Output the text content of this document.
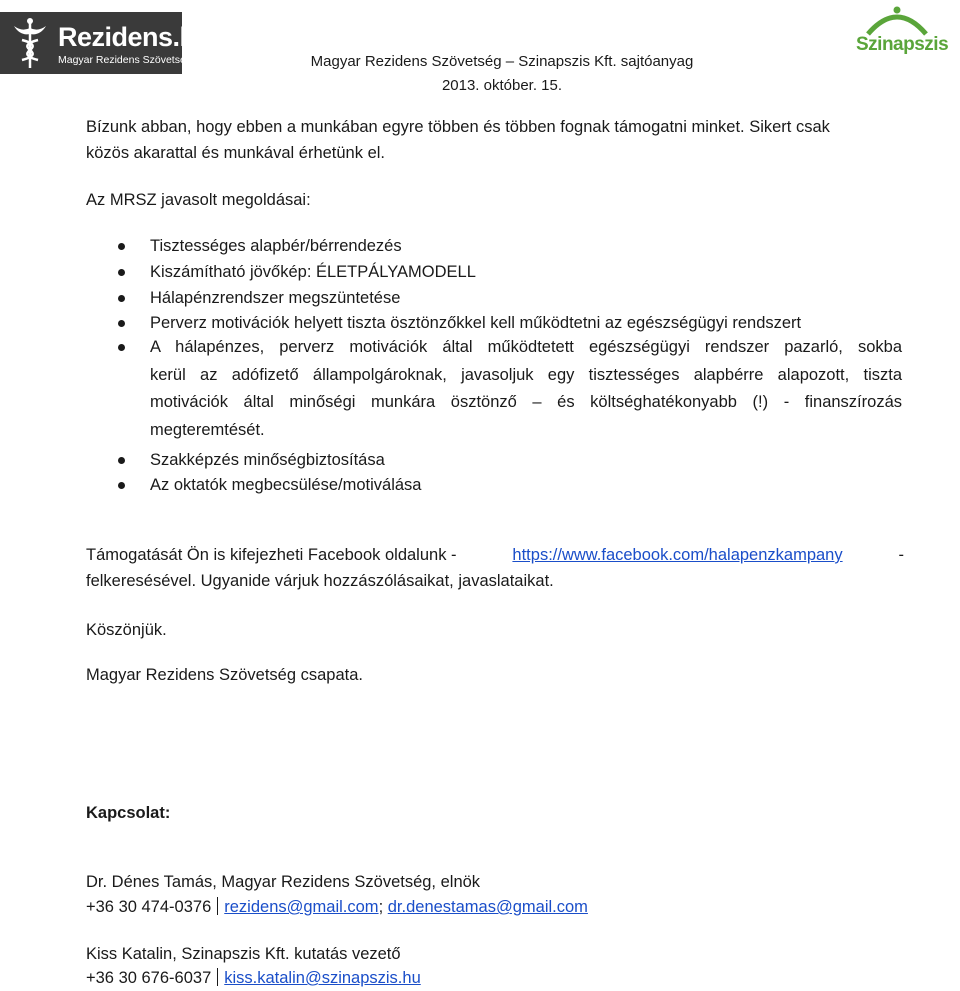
Rezidens.hu
Magyar Rezidens Szövetség
Szinapszis
Magyar Rezidens Szövetség – Szinapszis Kft. sajtóanyag
2013. október. 15.
Bízunk abban, hogy ebben a munkában egyre többen és többen fognak támogatni minket. Sikert csak
közös akarattal és munkával érhetünk el.
Az MRSZ javasolt megoldásai:
Tisztességes alapbér/bérrendezés
Kiszámítható jövőkép: ÉLETPÁLYAMODELL
Hálapénzrendszer megszüntetése
Perverz motivációk helyett tiszta ösztönzőkkel kell működtetni az egészségügyi rendszert
A hálapénzes, perverz motivációk által működtetett egészségügyi rendszer pazarló, sokba
kerül az adófizető állampolgároknak, javasoljuk egy tisztességes alapbérre alapozott, tiszta
motivációk által minőségi munkára ösztönző – és költséghatékonyabb (!) - finanszírozás
megteremtését.
Szakképzés minőségbiztosítása
Az oktatók megbecsülése/motiválása
Támogatását Ön is kifejezheti Facebook oldalunk -	https://www.facebook.com/halapenzkampany	-
felkeresésével. Ugyanide várjuk hozzászólásaikat, javaslataikat.
Köszönjük.
Magyar Rezidens Szövetség csapata.
Kapcsolat:
Dr. Dénes Tamás, Magyar Rezidens Szövetség, elnök
+36 30 474-0376 rezidens@gmail.com; dr.denestamas@gmail.com
Kiss Katalin, Szinapszis Kft. kutatás vezető
+36 30 676-6037 kiss.katalin@szinapszis.hu
